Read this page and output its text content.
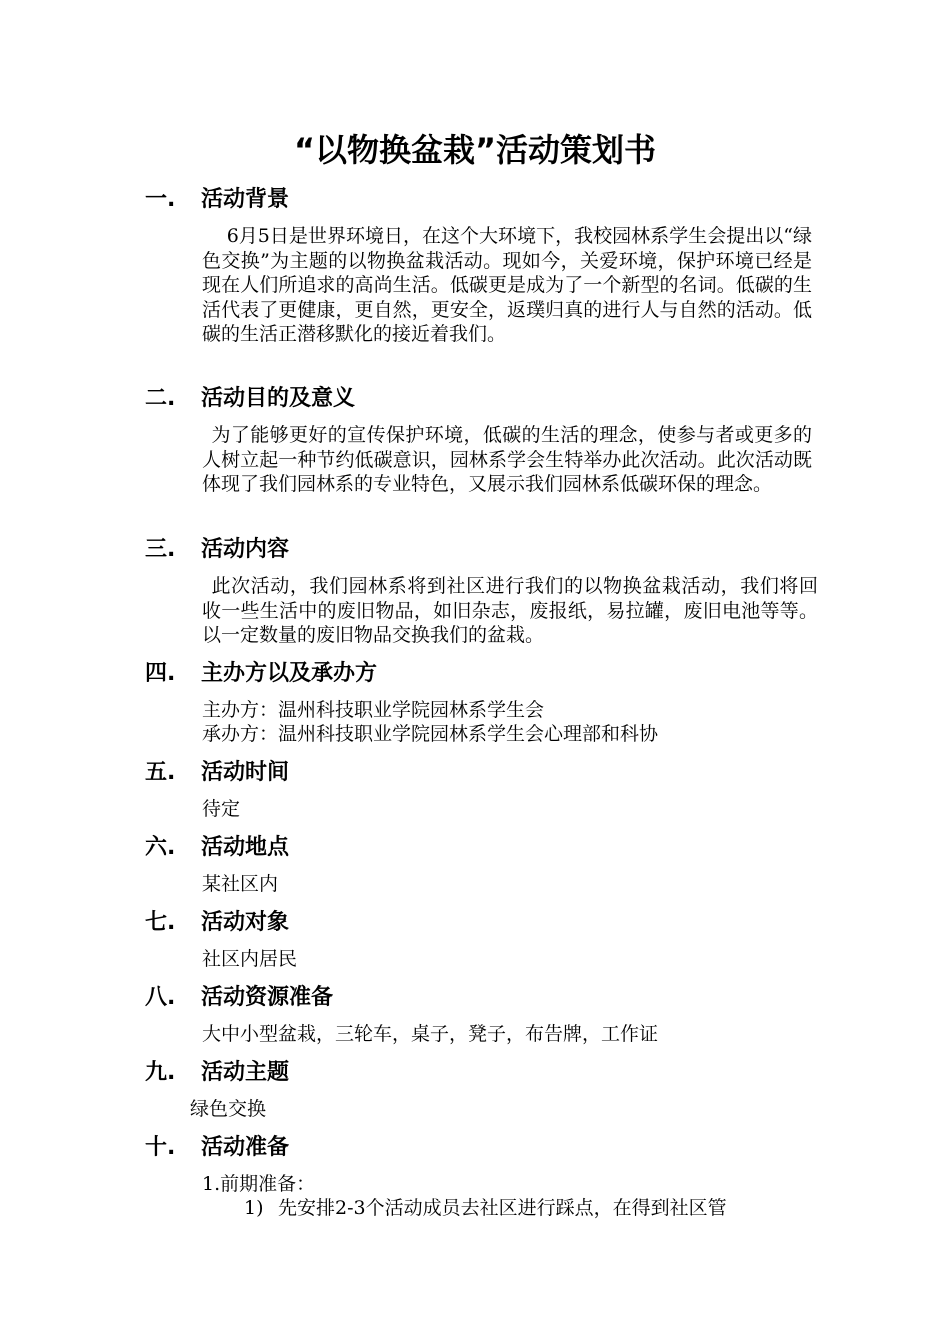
“以物换盆栽”活动策划书
一. 活动背景

6月5日是世界环境日，在这个大环境下，我校园林系学生会提出以“绿色交换”为主题的以物换盆栽活动。现如今，关爱环境，保护环境已经是现在人们所追求的高尚生活。低碳更是成为了一个新型的名词。低碳的生活代表了更健康，更自然，更安全，返璞归真的进行人与自然的活动。低碳的生活正潜移默化的接近着我们。

二. 活动目的及意义

为了能够更好的宣传保护环境，低碳的生活的理念，使参与者或更多的人树立起一种节约低碳意识，园林系学会生特举办此次活动。此次活动既体现了我们园林系的专业特色，又展示我们园林系低碳环保的理念。

三. 活动内容

此次活动，我们园林系将到社区进行我们的以物换盆栽活动，我们将回收一些生活中的废旧物品，如旧杂志，废报纸，易拉罐，废旧电池等等。以一定数量的废旧物品交换我们的盆栽。

四. 主办方以及承办方

主办方：温州科技职业学院园林系学生会

承办方：温州科技职业学院园林系学生会心理部和科协

五. 活动时间

待定

六. 活动地点

某社区内

七. 活动对象

社区内居民

八. 活动资源准备

大中小型盆栽，三轮车，桌子，凳子，布告牌，工作证

九. 活动主题

绿色交换

十. 活动准备

1.前期准备：

1) 先安排2-3个活动成员去社区进行踩点，在得到社区管
